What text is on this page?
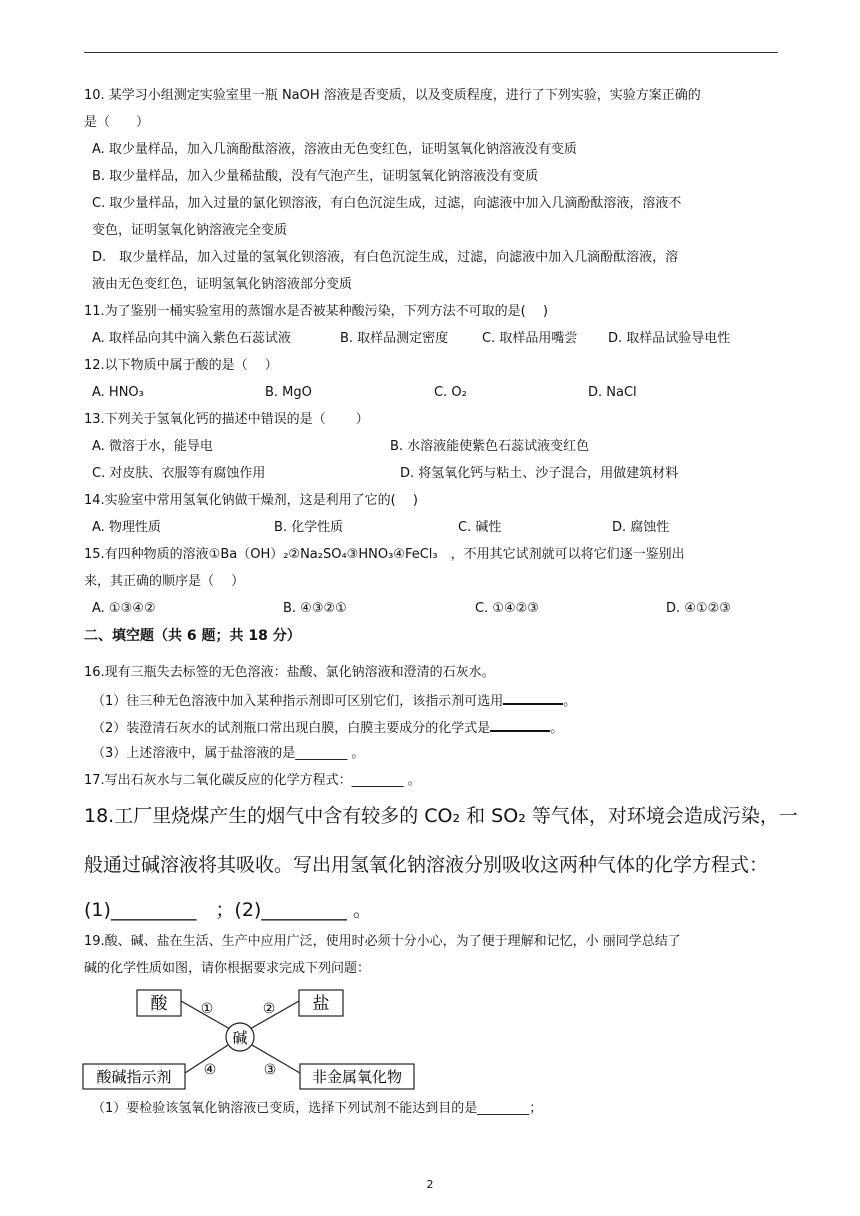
10. 某学习小组测定实验室里一瓶 NaOH 溶液是否变质，以及变质程度，进行了下列实验，实验方案正确的
是（　　）
A. 取少量样品，加入几滴酚酞溶液，溶液由无色变红色，证明氢氧化钠溶液没有变质
B. 取少量样品，加入少量稀盐酸，没有气泡产生，证明氢氧化钠溶液没有变质
C. 取少量样品，加入过量的氯化钡溶液，有白色沉淀生成，过滤，向滤液中加入几滴酚酞溶液，溶液不
变色，证明氢氧化钠溶液完全变质
D.　取少量样品，加入过量的氢氧化钡溶液，有白色沉淀生成，过滤，向滤液中加入几滴酚酞溶液，溶
液由无色变红色，证明氢氧化钠溶液部分变质
11.为了鉴别一桶实验室用的蒸馏水是否被某种酸污染，下列方法不可取的是(　 )
A. 取样品向其中滴入紫色石蕊试液	B. 取样品测定密度	C. 取样品用嘴尝 D. 取样品试验导电性
12.以下物质中属于酸的是（　 ）
A. HNO₃	B. MgO	C. O₂	D. NaCl
13.下列关于氢氧化钙的描述中错误的是（　　 ）
A. 微溶于水，能导电	B. 水溶液能使紫色石蕊试液变红色
C. 对皮肤、衣服等有腐蚀作用	D. 将氢氧化钙与粘土、沙子混合，用做建筑材料
14.实验室中常用氢氧化钠做干燥剂，这是利用了它的(　 )
A. 物理性质	B. 化学性质	C. 碱性	D. 腐蚀性
15.有四种物质的溶液①Ba（OH）₂②Na₂SO₄③HNO₃④FeCl₃　，不用其它试剂就可以将它们逐一鉴别出
来，其正确的顺序是（　 ）
A. ①③④②	B. ④③②①	C. ①④②③	D. ④①②③
二、填空题（共 6 题；共 18 分）
16.现有三瓶失去标签的无色溶液：盐酸、氯化钠溶液和澄清的石灰水。
（1）往三种无色溶液中加入某种指示剂即可区别它们，该指示剂可选用	。
（2）装澄清石灰水的试剂瓶口常出现白膜，白膜主要成分的化学式是	。
（3）上述溶液中，属于盐溶液的是________ 。
17.写出石灰水与二氧化碳反应的化学方程式：________ 。
18.工厂里烧煤产生的烟气中含有较多的 CO₂ 和 SO₂ 等气体，对环境会造成污染，一
般通过碱溶液将其吸收。写出用氢氧化钠溶液分别吸收这两种气体的化学方程式：
(1)_________　；(2)_________ 。
19.酸、碱、盐在生活、生产中应用广泛，使用时必须十分小心，为了便于理解和记忆，小 丽同学总结了
碱的化学性质如图，请你根据要求完成下列问题：
酸	盐
碱
酸碱指示剂	非金属氧化物
①	②
③
④
（1）要检验该氢氧化钠溶液已变质，选择下列试剂不能达到目的是________；
2
